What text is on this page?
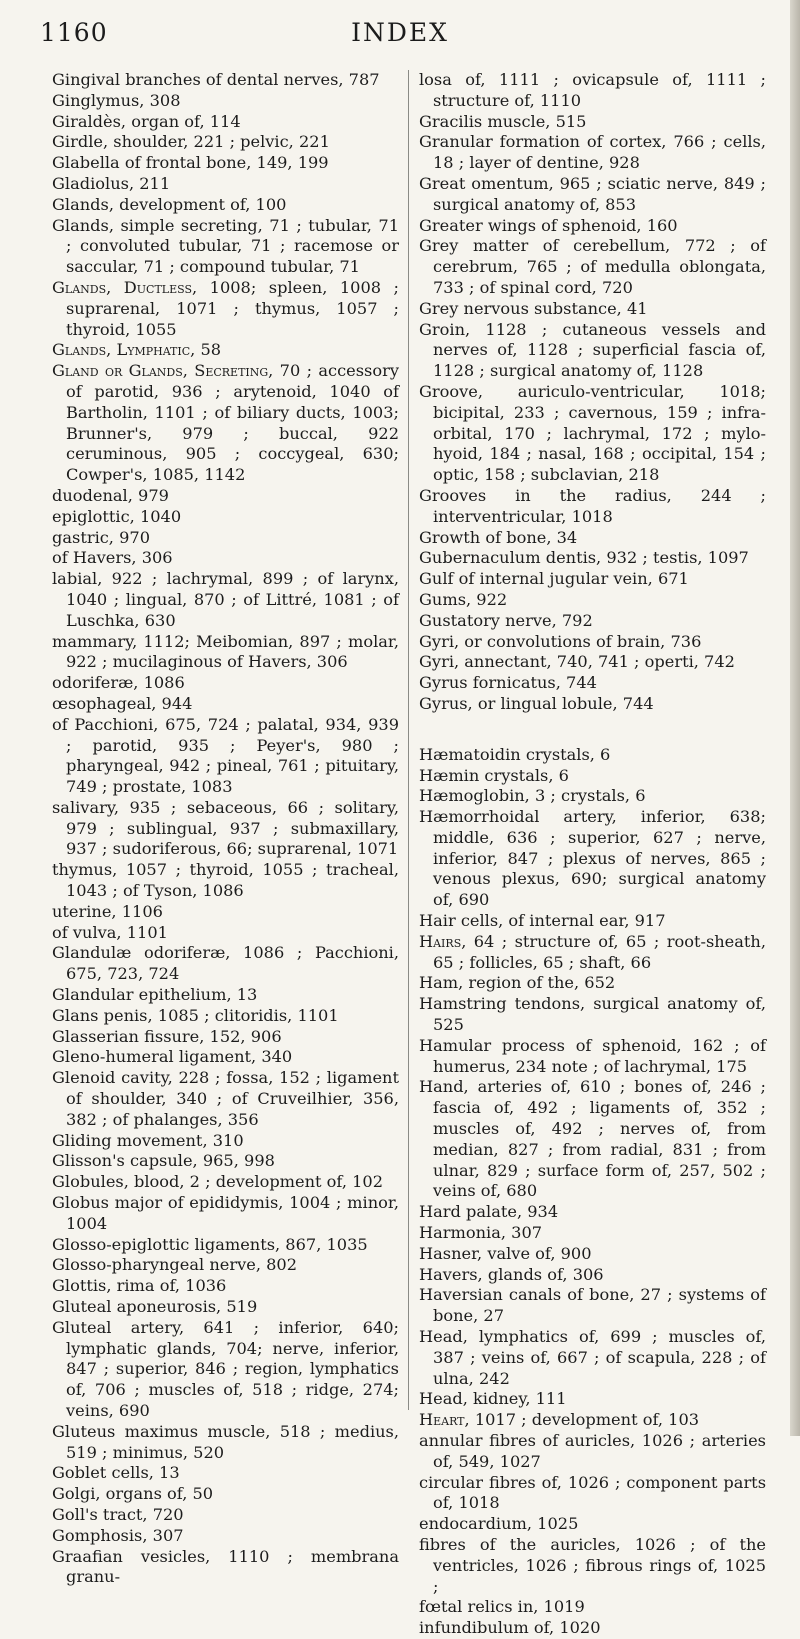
1160	INDEX
Gingival branches of dental nerves, 787
Ginglymus, 308
Giraldès, organ of, 114
Girdle, shoulder, 221 ; pelvic, 221
Glabella of frontal bone, 149, 199
Gladiolus, 211
Glands, development of, 100
Glands, simple secreting, 71 ; tubular, 71 ; convoluted tubular, 71 ; racemose or saccular, 71 ; compound tubular, 71
Glands, Ductless, 1008; spleen, 1008 ; suprarenal, 1071 ; thymus, 1057 ; thyroid, 1055
Glands, Lymphatic, 58
Gland or Glands, Secreting, 70 ; accessory of parotid, 936 ; arytenoid, 1040 of Bartholin, 1101 ; of biliary ducts, 1003; Brunner's, 979 ; buccal, 922 ceruminous, 905 ; coccygeal, 630; Cowper's, 1085, 1142
duodenal, 979
epiglottic, 1040
gastric, 970
of Havers, 306
labial, 922 ; lachrymal, 899 ; of larynx, 1040 ; lingual, 870 ; of Littré, 1081 ; of Luschka, 630
mammary, 1112; Meibomian, 897 ; molar, 922 ; mucilaginous of Havers, 306
odoriferæ, 1086
œsophageal, 944
of Pacchioni, 675, 724 ; palatal, 934, 939 ; parotid, 935 ; Peyer's, 980 ; pharyngeal, 942 ; pineal, 761 ; pituitary, 749 ; prostate, 1083
salivary, 935 ; sebaceous, 66 ; solitary, 979 ; sublingual, 937 ; submaxillary, 937 ; sudoriferous, 66; suprarenal, 1071
thymus, 1057 ; thyroid, 1055 ; tracheal, 1043 ; of Tyson, 1086
uterine, 1106
of vulva, 1101
Glandulæ odoriferæ, 1086 ; Pacchioni, 675, 723, 724
Glandular epithelium, 13
Glans penis, 1085 ; clitoridis, 1101
Glasserian fissure, 152, 906
Gleno-humeral ligament, 340
Glenoid cavity, 228 ; fossa, 152 ; ligament of shoulder, 340 ; of Cruveilhier, 356, 382 ; of phalanges, 356
Gliding movement, 310
Glisson's capsule, 965, 998
Globules, blood, 2 ; development of, 102
Globus major of epididymis, 1004 ; minor, 1004
Glosso-epiglottic ligaments, 867, 1035
Glosso-pharyngeal nerve, 802
Glottis, rima of, 1036
Gluteal aponeurosis, 519
Gluteal artery, 641 ; inferior, 640; lymphatic glands, 704; nerve, inferior, 847 ; superior, 846 ; region, lymphatics of, 706 ; muscles of, 518 ; ridge, 274; veins, 690
Gluteus maximus muscle, 518 ; medius, 519 ; minimus, 520
Goblet cells, 13
Golgi, organs of, 50
Goll's tract, 720
Gomphosis, 307
Graafian vesicles, 1110 ; membrana granu-
losa of, 1111 ; ovicapsule of, 1111 ; structure of, 1110
Gracilis muscle, 515
Granular formation of cortex, 766 ; cells, 18 ; layer of dentine, 928
Great omentum, 965 ; sciatic nerve, 849 ; surgical anatomy of, 853
Greater wings of sphenoid, 160
Grey matter of cerebellum, 772 ; of cerebrum, 765 ; of medulla oblongata, 733 ; of spinal cord, 720
Grey nervous substance, 41
Groin, 1128 ; cutaneous vessels and nerves of, 1128 ; superficial fascia of, 1128 ; surgical anatomy of, 1128
Groove, auriculo-ventricular, 1018; bicipital, 233 ; cavernous, 159 ; infra-orbital, 170 ; lachrymal, 172 ; mylo-hyoid, 184 ; nasal, 168 ; occipital, 154 ; optic, 158 ; subclavian, 218
Grooves in the radius, 244 ; interventricular, 1018
Growth of bone, 34
Gubernaculum dentis, 932 ; testis, 1097
Gulf of internal jugular vein, 671
Gums, 922
Gustatory nerve, 792
Gyri, or convolutions of brain, 736
Gyri, annectant, 740, 741 ; operti, 742
Gyrus fornicatus, 744
Gyrus, or lingual lobule, 744
Hæmatoidin crystals, 6
Hæmin crystals, 6
Hæmoglobin, 3 ; crystals, 6
Hæmorrhoidal artery, inferior, 638; middle, 636 ; superior, 627 ; nerve, inferior, 847 ; plexus of nerves, 865 ; venous plexus, 690; surgical anatomy of, 690
Hair cells, of internal ear, 917
Hairs, 64 ; structure of, 65 ; root-sheath, 65 ; follicles, 65 ; shaft, 66
Ham, region of the, 652
Hamstring tendons, surgical anatomy of, 525
Hamular process of sphenoid, 162 ; of humerus, 234 note ; of lachrymal, 175
Hand, arteries of, 610 ; bones of, 246 ; fascia of, 492 ; ligaments of, 352 ; muscles of, 492 ; nerves of, from median, 827 ; from radial, 831 ; from ulnar, 829 ; surface form of, 257, 502 ; veins of, 680
Hard palate, 934
Harmonia, 307
Hasner, valve of, 900
Havers, glands of, 306
Haversian canals of bone, 27 ; systems of bone, 27
Head, lymphatics of, 699 ; muscles of, 387 ; veins of, 667 ; of scapula, 228 ; of ulna, 242
Head, kidney, 111
Heart, 1017 ; development of, 103
annular fibres of auricles, 1026 ; arteries of, 549, 1027
circular fibres of, 1026 ; component parts of, 1018
endocardium, 1025
fibres of the auricles, 1026 ; of the ventricles, 1026 ; fibrous rings of, 1025 ;
fœtal relics in, 1019
infundibulum of, 1020
